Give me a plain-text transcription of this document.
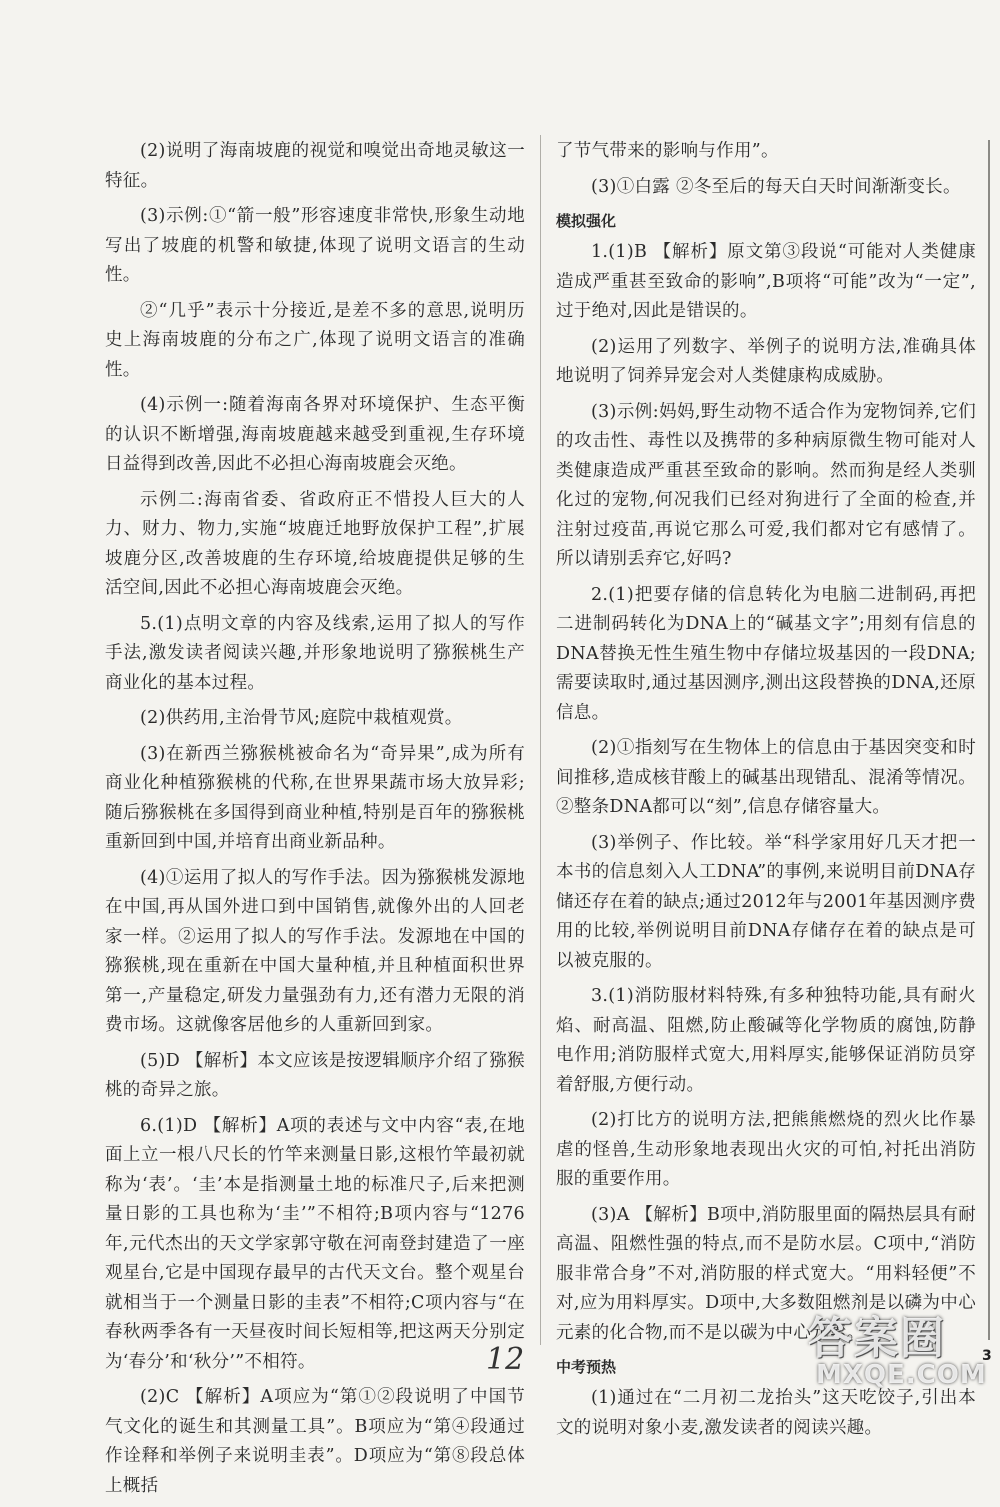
(2)说明了海南坡鹿的视觉和嗅觉出奇地灵敏这一特征。

(3)示例:①“箭一般”形容速度非常快,形象生动地写出了坡鹿的机警和敏捷,体现了说明文语言的生动性。

②“几乎”表示十分接近,是差不多的意思,说明历史上海南坡鹿的分布之广,体现了说明文语言的准确性。

(4)示例一:随着海南各界对环境保护、生态平衡的认识不断增强,海南坡鹿越来越受到重视,生存环境日益得到改善,因此不必担心海南坡鹿会灭绝。

示例二:海南省委、省政府正不惜投人巨大的人力、财力、物力,实施“坡鹿迁地野放保护工程”,扩展坡鹿分区,改善坡鹿的生存环境,给坡鹿提供足够的生活空间,因此不必担心海南坡鹿会灭绝。

5.(1)点明文章的内容及线索,运用了拟人的写作手法,激发读者阅读兴趣,并形象地说明了猕猴桃生产商业化的基本过程。

(2)供药用,主治骨节风;庭院中栽植观赏。

(3)在新西兰猕猴桃被命名为“奇异果”,成为所有商业化种植猕猴桃的代称,在世界果蔬市场大放异彩;随后猕猴桃在多国得到商业种植,特别是百年的猕猴桃重新回到中国,并培育出商业新品种。

(4)①运用了拟人的写作手法。因为猕猴桃发源地在中国,再从国外进口到中国销售,就像外出的人回老家一样。②运用了拟人的写作手法。发源地在中国的猕猴桃,现在重新在中国大量种植,并且种植面积世界第一,产量稳定,研发力量强劲有力,还有潜力无限的消费市场。这就像客居他乡的人重新回到家。

(5)D 【解析】本文应该是按逻辑顺序介绍了猕猴桃的奇异之旅。

6.(1)D 【解析】A项的表述与文中内容“表,在地面上立一根八尺长的竹竿来测量日影,这根竹竿最初就称为‘表’。‘圭’本是指测量土地的标准尺子,后来把测量日影的工具也称为‘圭’”不相符;B项内容与“1276年,元代杰出的天文学家郭守敬在河南登封建造了一座观星台,它是中国现存最早的古代天文台。整个观星台就相当于一个测量日影的圭表”不相符;C项内容与“在春秋两季各有一天昼夜时间长短相等,把这两天分别定为‘春分’和‘秋分’”不相符。

(2)C 【解析】A项应为“第①②段说明了中国节气文化的诞生和其测量工具”。B项应为“第④段通过作诠释和举例子来说明圭表”。D项应为“第⑧段总体上概括

了节气带来的影响与作用”。

(3)①白露 ②冬至后的每天白天时间渐渐变长。

模拟强化

1.(1)B 【解析】原文第③段说“可能对人类健康造成严重甚至致命的影响”,B项将“可能”改为“一定”,过于绝对,因此是错误的。

(2)运用了列数字、举例子的说明方法,准确具体地说明了饲养异宠会对人类健康构成威胁。

(3)示例:妈妈,野生动物不适合作为宠物饲养,它们的攻击性、毒性以及携带的多种病原微生物可能对人类健康造成严重甚至致命的影响。然而狗是经人类驯化过的宠物,何况我们已经对狗进行了全面的检查,并注射过疫苗,再说它那么可爱,我们都对它有感情了。所以请别丢弃它,好吗?

2.(1)把要存储的信息转化为电脑二进制码,再把二进制码转化为DNA上的“碱基文字”;用刻有信息的DNA替换无性生殖生物中存储垃圾基因的一段DNA;需要读取时,通过基因测序,测出这段替换的DNA,还原信息。

(2)①指刻写在生物体上的信息由于基因突变和时间推移,造成核苷酸上的碱基出现错乱、混淆等情况。②整条DNA都可以“刻”,信息存储容量大。

(3)举例子、作比较。举“科学家用好几天才把一本书的信息刻入人工DNA”的事例,来说明目前DNA存储还存在着的缺点;通过2012年与2001年基因测序费用的比较,举例说明目前DNA存储存在着的缺点是可以被克服的。

3.(1)消防服材料特殊,有多种独特功能,具有耐火焰、耐高温、阻燃,防止酸碱等化学物质的腐蚀,防静电作用;消防服样式宽大,用料厚实,能够保证消防员穿着舒服,方便行动。

(2)打比方的说明方法,把熊熊燃烧的烈火比作暴虐的怪兽,生动形象地表现出火灾的可怕,衬托出消防服的重要作用。

(3)A 【解析】B项中,消防服里面的隔热层具有耐高温、阻燃性强的特点,而不是防水层。C项中,“消防服非常合身”不对,消防服的样式宽大。“用料轻便”不对,应为用料厚实。D项中,大多数阻燃剂是以磷为中心元素的化合物,而不是以碳为中心元素。

中考预热

(1)通过在“二月初二龙抬头”这天吃饺子,引出本文的说明对象小麦,激发读者的阅读兴趣。

12	3
答案圈
MXQE.COM
